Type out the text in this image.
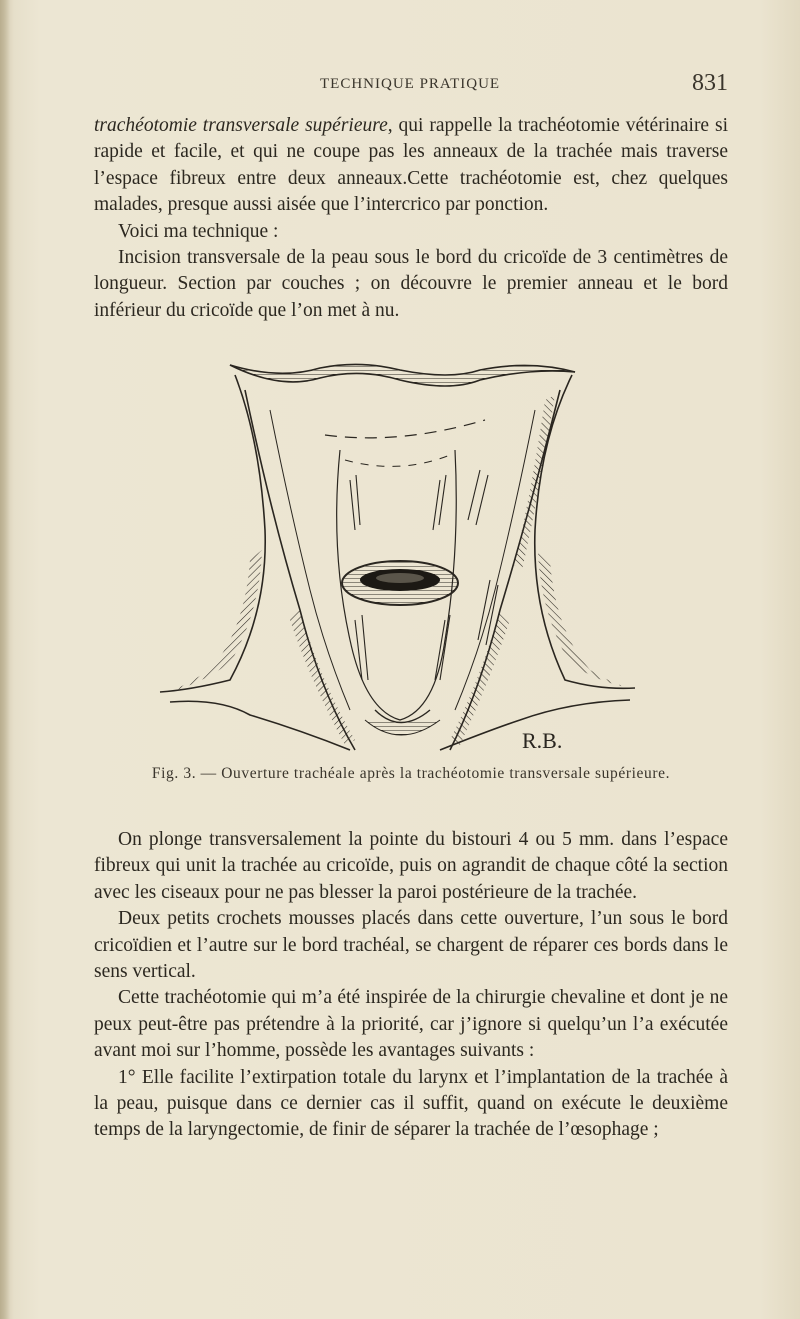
TECHNIQUE PRATIQUE	831

trachéotomie transversale supérieure, qui rappelle la trachéotomie vétérinaire si rapide et facile, et qui ne coupe pas les anneaux de la trachée mais traverse l’espace fibreux entre deux anneaux.Cette trachéotomie est, chez quelques malades, presque aussi aisée que l’intercrico par ponction.

Voici ma technique :

Incision transversale de la peau sous le bord du cricoïde de 3 centimètres de longueur. Section par couches ; on découvre le premier anneau et le bord inférieur du cricoïde que l’on met à nu.

R.B.
Fig. 3. — Ouverture trachéale après la trachéotomie transversale supérieure.

On plonge transversalement la pointe du bistouri 4 ou 5 mm. dans l’espace fibreux qui unit la trachée au cricoïde, puis on agrandit de chaque côté la section avec les ciseaux pour ne pas blesser la paroi postérieure de la trachée.

Deux petits crochets mousses placés dans cette ouverture, l’un sous le bord cricoïdien et l’autre sur le bord trachéal, se chargent de réparer ces bords dans le sens vertical.

Cette trachéotomie qui m’a été inspirée de la chirurgie chevaline et dont je ne peux peut-être pas prétendre à la priorité, car j’ignore si quelqu’un l’a exécutée avant moi sur l’homme, possède les avantages suivants :

1° Elle facilite l’extirpation totale du larynx et l’implantation de la trachée à la peau, puisque dans ce dernier cas il suffit, quand on exécute le deuxième temps de la laryngectomie, de finir de séparer la trachée de l’œsophage ;
